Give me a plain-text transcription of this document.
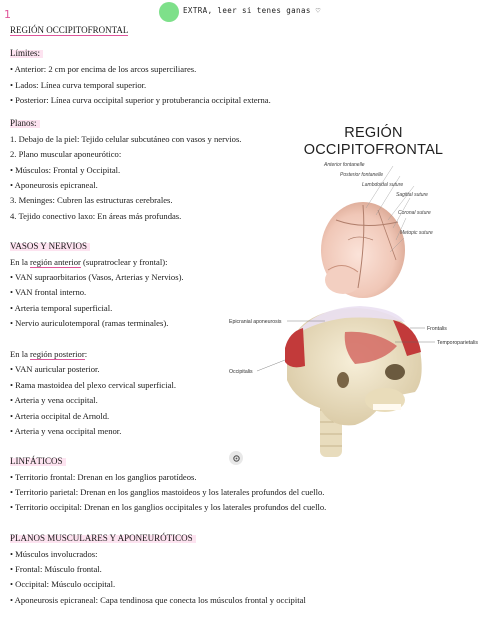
1	EXTRA, leer si tenes ganas ♡
REGIÓN OCCIPITOFRONTAL
Límites:
• Anterior: 2 cm por encima de los arcos superciliares.
• Lados: Línea curva temporal superior.
• Posterior: Línea curva occipital superior y protuberancia occipital externa.
Planos:
1. Debajo de la piel: Tejido celular subcutáneo con vasos y nervios.
2. Plano muscular aponeurótico:
• Músculos: Frontal y Occipital.
• Aponeurosis epicraneal.
3. Meninges: Cubren las estructuras cerebrales.
4. Tejido conectivo laxo: En áreas más profundas.
REGIÓN
OCCIPITOFRONTAL
Anterior fontanelle
Posterior fontanelle
Lambdoidal suture
Sagittal suture
Coronal suture
Metopic suture
Epicranial aponeurosis
Frontalis
Temporoparietalis
Occipitalis
VASOS Y NERVIOS
En la región anterior (supratroclear y frontal):
• VAN supraorbitarios (Vasos, Arterias y Nervios).
• VAN frontal interno.
• Arteria temporal superficial.
• Nervio auriculotemporal (ramas terminales).
En la región posterior:
• VAN auricular posterior.
• Rama mastoidea del plexo cervical superficial.
• Arteria y vena occipital.
• Arteria occipital de Arnold.
• Arteria y vena occipital menor.
LINFÁTICOS
• Territorio frontal: Drenan en los ganglios parotídeos.
• Territorio parietal: Drenan en los ganglios mastoideos y los laterales profundos del cuello.
• Territorio occipital: Drenan en los ganglios occipitales y los laterales profundos del cuello.
PLANOS MUSCULARES Y APONEURÓTICOS
• Músculos involucrados:
• Frontal: Músculo frontal.
• Occipital: Músculo occipital.
• Aponeurosis epicraneal: Capa tendinosa que conecta los músculos frontal y occipital
